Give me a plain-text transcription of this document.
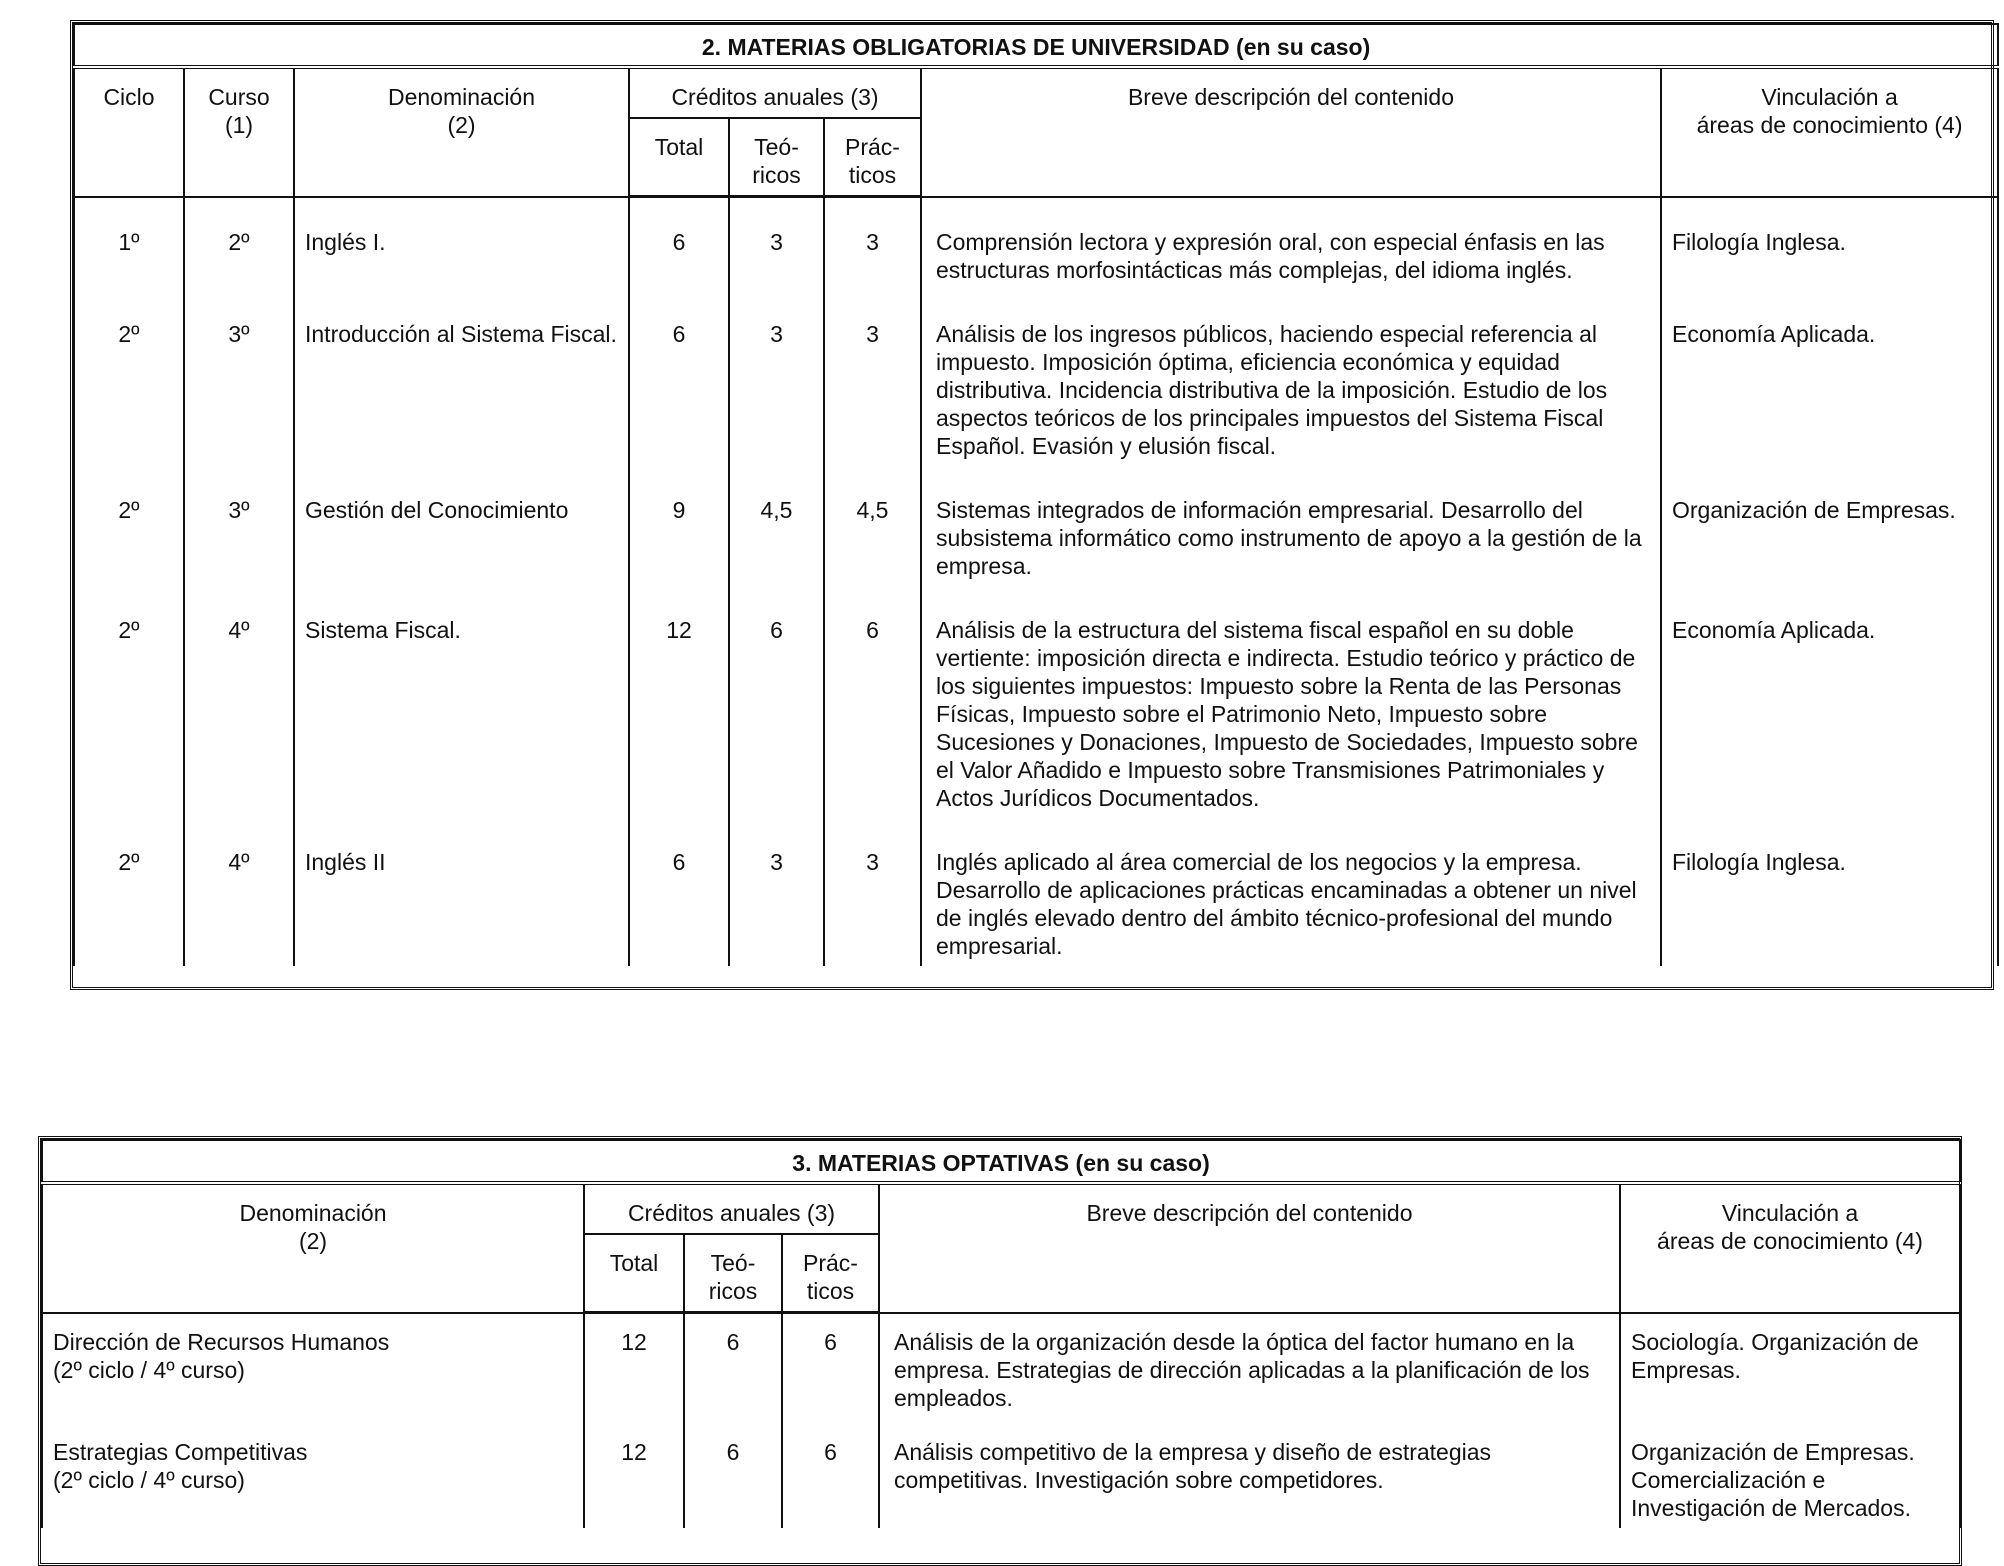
2. MATERIAS OBLIGATORIAS DE UNIVERSIDAD (en su caso)							
Ciclo	Curso
(1)	Denominación
(2)	Créditos anuales (3)			Breve descripción del contenido	Vinculación a
áreas de conocimiento (4)
			Total	Teó-
ricos	Prác-
ticos		
1º	2º	Inglés I.	6	3	3	Comprensión lectora y expresión oral, con especial énfasis en las estructuras morfosintácticas más complejas, del idioma inglés.	Filología Inglesa.
2º	3º	Introducción al Sistema Fiscal.	6	3	3	Análisis de los ingresos públicos, haciendo especial referencia al impuesto. Imposición óptima, eficiencia económica y equidad distributiva. Incidencia distributiva de la imposición. Estudio de los aspectos teóricos de los principales impuestos del Sistema Fiscal Español. Evasión y elusión fiscal.	Economía Aplicada.
2º	3º	Gestión del Conocimiento	9	4,5	4,5	Sistemas integrados de información empresarial. Desarrollo del subsistema informático como instrumento de apoyo a la gestión de la empresa.	Organización de Empresas.
2º	4º	Sistema Fiscal.	12	6	6	Análisis de la estructura del sistema fiscal español en su doble vertiente: imposición directa e indirecta. Estudio teórico y práctico de los siguientes impuestos: Impuesto sobre la Renta de las Personas Físicas, Impuesto sobre el Patrimonio Neto, Impuesto sobre Sucesiones y Donaciones, Impuesto de Sociedades, Impuesto sobre el Valor Añadido e Impuesto sobre Transmisiones Patrimoniales y Actos Jurídicos Documentados.	Economía Aplicada.
2º	4º	Inglés II	6	3	3	Inglés aplicado al área comercial de los negocios y la empresa. Desarrollo de aplicaciones prácticas encaminadas a obtener un nivel de inglés elevado dentro del ámbito técnico-profesional del mundo empresarial.	Filología Inglesa.
3. MATERIAS OPTATIVAS (en su caso)					
Denominación
(2)	Créditos anuales (3)			Breve descripción del contenido	Vinculación a
áreas de conocimiento (4)
	Total	Teó-
ricos	Prác-
ticos		
Dirección de Recursos Humanos
(2º ciclo / 4º curso)	12	6	6	Análisis de la organización desde la óptica del factor humano en la empresa. Estrategias de dirección aplicadas a la planificación de los empleados.	Sociología. Organización de Empresas.
Estrategias Competitivas
(2º ciclo / 4º curso)	12	6	6	Análisis competitivo de la empresa y diseño de estrategias competitivas. Investigación sobre competidores.	Organización de Empresas. Comercialización e Investigación de Mercados.
